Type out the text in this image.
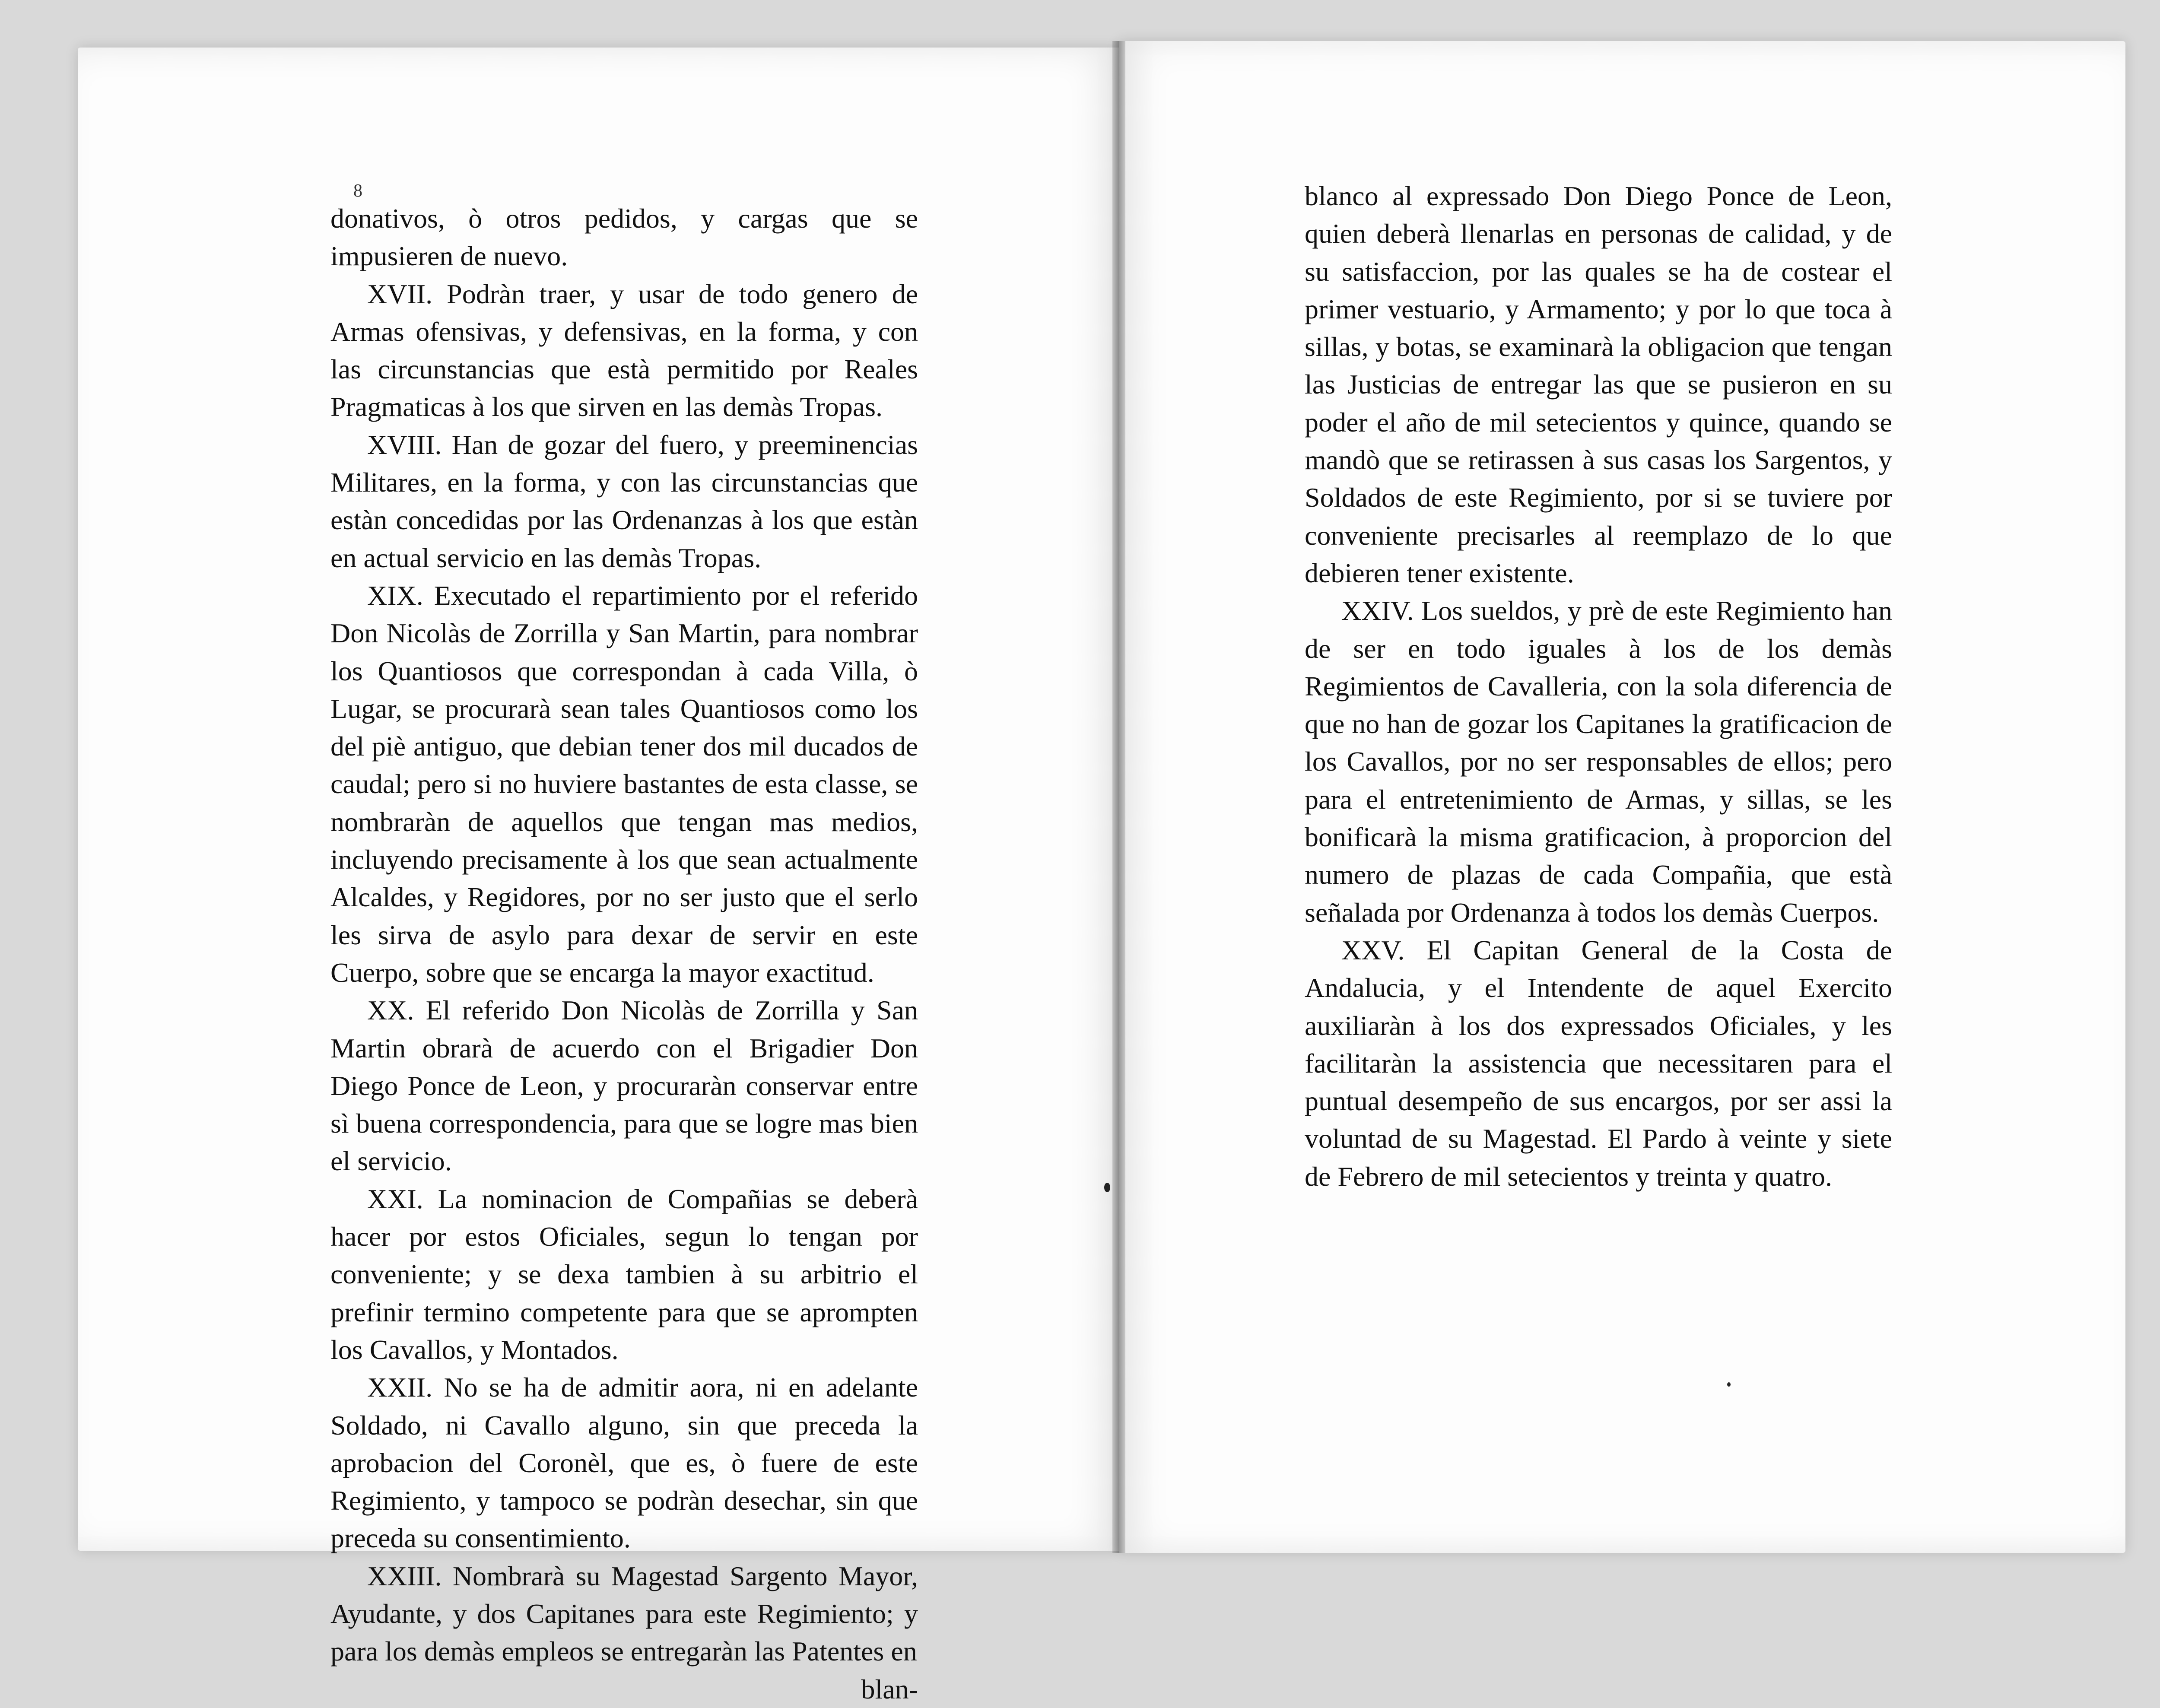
8

donativos, ò otros pedidos, y cargas que se impusieren de nuevo.

XVII. Podràn traer, y usar de todo genero de Armas ofensivas, y defensivas, en la forma, y con las circunstancias que està permitido por Reales Pragmaticas à los que sirven en las demàs Tropas.

XVIII. Han de gozar del fuero, y preeminencias Militares, en la forma, y con las circunstancias que estàn concedidas por las Ordenanzas à los que estàn en actual servicio en las demàs Tropas.

XIX. Executado el repartimiento por el referido Don Nicolàs de Zorrilla y San Martin, para nombrar los Quantiosos que correspondan à cada Villa, ò Lugar, se procurarà sean tales Quantiosos como los del piè antiguo, que debian tener dos mil ducados de caudal; pero si no huviere bastantes de esta classe, se nombraràn de aquellos que tengan mas medios, incluyendo precisamente à los que sean actualmente Alcaldes, y Regidores, por no ser justo que el serlo les sirva de asylo para dexar de servir en este Cuerpo, sobre que se encarga la mayor exactitud.

XX. El referido Don Nicolàs de Zorrilla y San Martin obrarà de acuerdo con el Brigadier Don Diego Ponce de Leon, y procuraràn conservar entre sì buena correspondencia, para que se logre mas bien el servicio.

XXI. La nominacion de Compañias se deberà hacer por estos Oficiales, segun lo tengan por conveniente; y se dexa tambien à su arbitrio el prefinir termino competente para que se aprompten los Cavallos, y Montados.

XXII. No se ha de admitir aora, ni en adelante Soldado, ni Cavallo alguno, sin que preceda la aprobacion del Coronèl, que es, ò fuere de este Regimiento, y tampoco se podràn desechar, sin que preceda su consentimiento.

XXIII. Nombrarà su Magestad Sargento Mayor, Ayudante, y dos Capitanes para este Regimiento; y para los demàs empleos se entregaràn las Patentes en

blan-

blanco al expressado Don Diego Ponce de Leon, quien deberà llenarlas en personas de calidad, y de su satisfaccion, por las quales se ha de costear el primer vestuario, y Armamento; y por lo que toca à sillas, y botas, se examinarà la obligacion que tengan las Justicias de entregar las que se pusieron en su poder el año de mil setecientos y quince, quando se mandò que se retirassen à sus casas los Sargentos, y Soldados de este Regimiento, por si se tuviere por conveniente precisarles al reemplazo de lo que debieren tener existente.

XXIV. Los sueldos, y prè de este Regimiento han de ser en todo iguales à los de los demàs Regimientos de Cavalleria, con la sola diferencia de que no han de gozar los Capitanes la gratificacion de los Cavallos, por no ser responsables de ellos; pero para el entretenimiento de Armas, y sillas, se les bonificarà la misma gratificacion, à proporcion del numero de plazas de cada Compañia, que està señalada por Ordenanza à todos los demàs Cuerpos.

XXV. El Capitan General de la Costa de Andalucia, y el Intendente de aquel Exercito auxiliaràn à los dos expressados Oficiales, y les facilitaràn la assistencia que necessitaren para el puntual desempeño de sus encargos, por ser assi la voluntad de su Magestad. El Pardo à veinte y siete de Febrero de mil setecientos y treinta y quatro.
